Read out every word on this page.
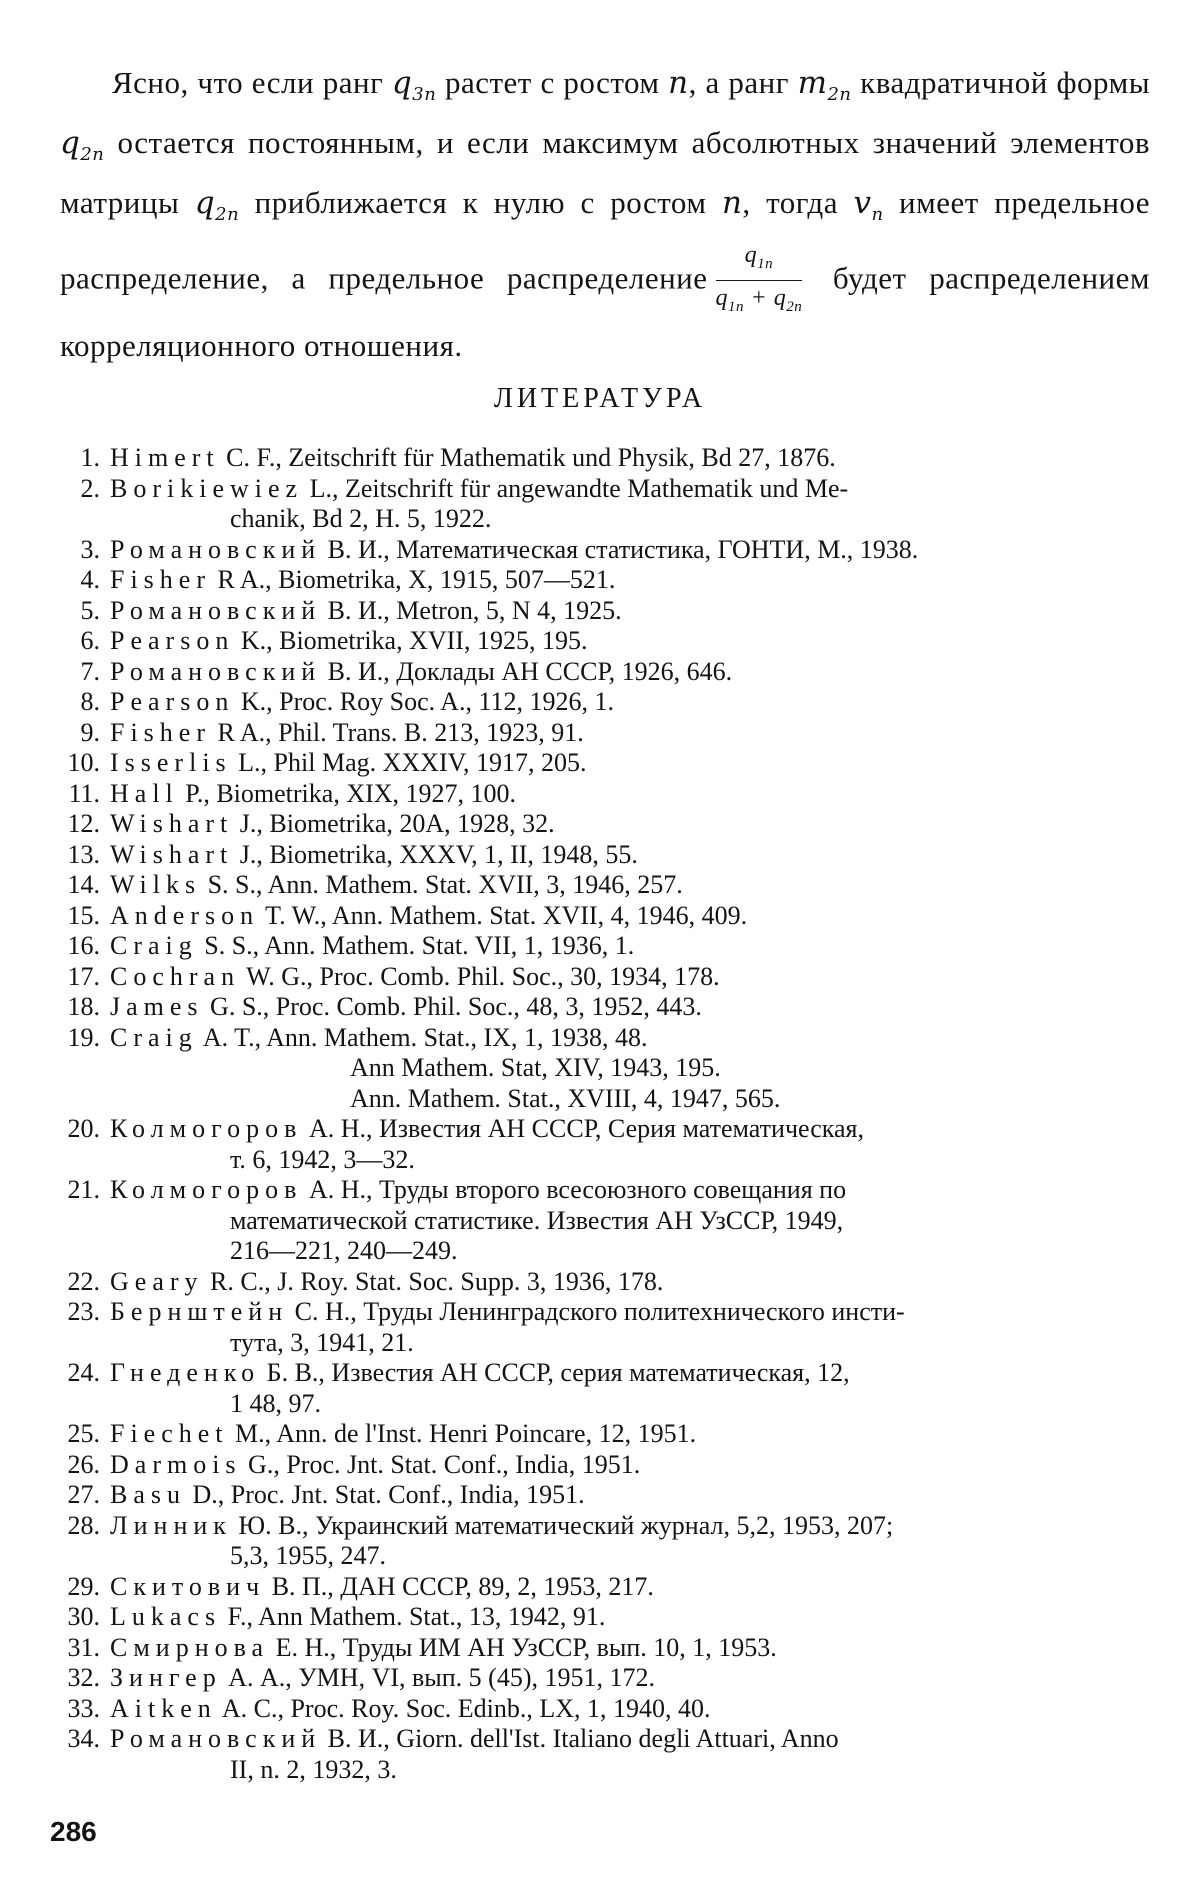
Ясно, что если ранг $q_{3n}$ растет с ростом n, а ранг $m_{2n}$ квадратичной формы $q_{2n}$ остается постоянным, и если максимум абсолютных значений элементов матрицы $q_{2n}$ приближается к нулю с ростом n, тогда $v_n$ имеет предельное распределение, а предельное распределение $\frac{q_{1n}}{q_{1n} + q_{2n}}$ будет распределением корреляционного отношения.

ЛИТЕРАТУРА

1. Himert C. F., Zeitschrift für Mathematik und Physik, Bd 27, 1876.

2. Borikiewiez L., Zeitschrift für angewandte Mathematik und Me-
chanik, Bd 2, H. 5, 1922.

3. Романовский В. И., Математическая статистика, ГОНТИ, М., 1938.

4. Fisher R A., Biometrika, X, 1915, 507—521.

5. Романовский В. И., Metron, 5, N 4, 1925.

6. Pearson K., Biometrika, XVII, 1925, 195.

7. Романовский В. И., Доклады АН СССР, 1926, 646.

8. Pearson K., Proc. Roy Soc. A., 112, 1926, 1.

9. Fisher R A., Phil. Trans. B. 213, 1923, 91.

10. Isserlis L., Phil Mag. XXXIV, 1917, 205.

11. Hall P., Biometrika, XIX, 1927, 100.

12. Wishart J., Biometrika, 20A, 1928, 32.

13. Wishart J., Biometrika, XXXV, 1, II, 1948, 55.

14. Wilks S. S., Ann. Mathem. Stat. XVII, 3, 1946, 257.

15. Anderson T. W., Ann. Mathem. Stat. XVII, 4, 1946, 409.

16. Craig S. S., Ann. Mathem. Stat. VII, 1, 1936, 1.

17. Cochran W. G., Proc. Comb. Phil. Soc., 30, 1934, 178.

18. James G. S., Proc. Comb. Phil. Soc., 48, 3, 1952, 443.

19. Craig A. T., Ann. Mathem. Stat., IX, 1, 1938, 48.
Ann Mathem. Stat, XIV, 1943, 195.
Ann. Mathem. Stat., XVIII, 4, 1947, 565.

20. Колмогоров А. Н., Известия АН СССР, Серия математическая,
т. 6, 1942, 3—32.

21. Колмогоров А. Н., Труды второго всесоюзного совещания по
математической статистике. Известия АН УзССР, 1949,
216—221, 240—249.

22. Geary R. C., J. Roy. Stat. Soc. Supp. 3, 1936, 178.

23. Бернштейн С. Н., Труды Ленинградского политехнического инсти-
тута, 3, 1941, 21.

24. Гнеденко Б. В., Известия АН СССР, серия математическая, 12,
1 48, 97.

25. Fiechet M., Ann. de l'Inst. Henri Poincare, 12, 1951.

26. Darmois G., Proc. Jnt. Stat. Conf., India, 1951.

27. Basu D., Proc. Jnt. Stat. Conf., India, 1951.

28. Линник Ю. В., Украинский математический журнал, 5,2, 1953, 207;
5,3, 1955, 247.

29. Скитович В. П., ДАН СССР, 89, 2, 1953, 217.

30. Lukacs F., Ann Mathem. Stat., 13, 1942, 91.

31. Смирнова Е. Н., Труды ИМ АН УзССР, вып. 10, 1, 1953.

32. Зингер А. А., УМН, VI, вып. 5 (45), 1951, 172.

33. Aitken A. C., Proc. Roy. Soc. Edinb., LX, 1, 1940, 40.

34. Романовский В. И., Giorn. dell'Ist. Italiano degli Attuari, Anno
II, n. 2, 1932, 3.

286
